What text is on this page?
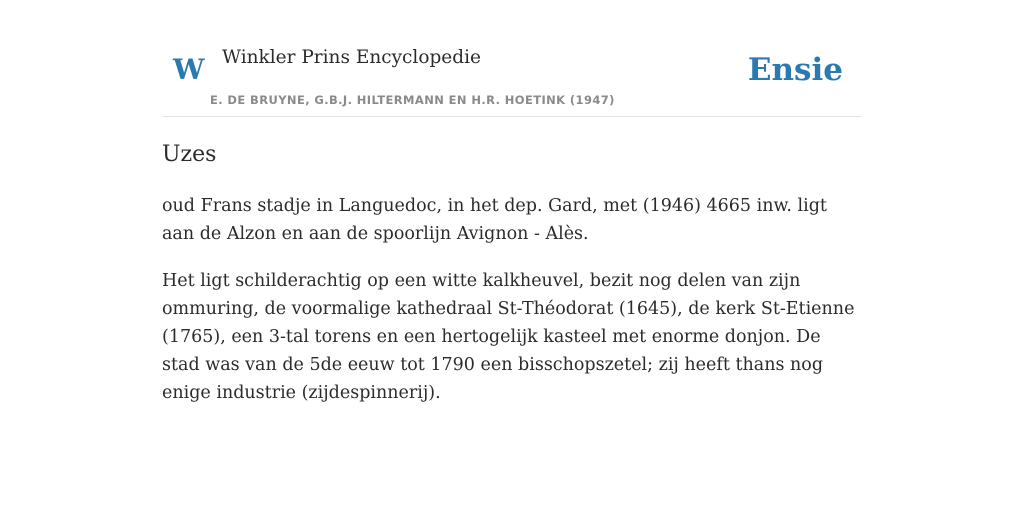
W Winkler Prins Encyclopedie
E. DE BRUYNE, G.B.J. HILTERMANN EN H.R. HOETINK (1947)
Ensie
Uzes

oud Frans stadje in Languedoc, in het dep. Gard, met (1946) 4665 inw. ligt aan de Alzon en aan de spoorlijn Avignon - Alès.

Het ligt schilderachtig op een witte kalkheuvel, bezit nog delen van zijn ommuring, de voormalige kathedraal St-Théodorat (1645), de kerk St-Etienne (1765), een 3-tal torens en een hertogelijk kasteel met enorme donjon. De stad was van de 5de eeuw tot 1790 een bisschopszetel; zij heeft thans nog enige industrie (zijdespinnerij).
